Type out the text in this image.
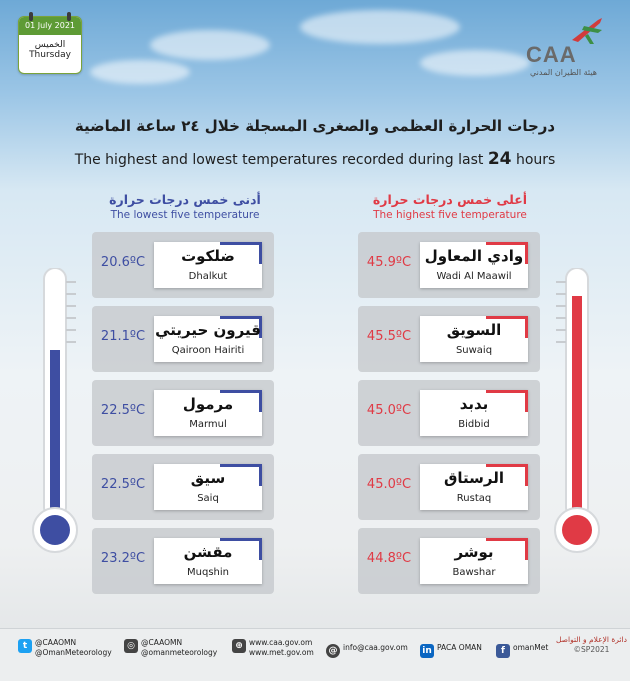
01 July 2021
الخميس
Thursday	CAA
هيئة الطيران المدني
درجات الحرارة العظمى والصغرى المسجلة خلال ٢٤ ساعة الماضية
The highest and lowest temperatures recorded during last 24 hours
أدنى خمس درجات حرارة
The lowest five temperature
أعلى خمس درجات حرارة
The highest five temperature
20.6ºC	ضلكوت
Dhalkut
21.1ºC قيرون حيريتي
Qairoon Hairiti
22.5ºC	مرمول
Marmul
22.5ºC	سيق
Saiq
23.2ºC	مقشن
Muqshin
45.9ºC وادي المعاول
Wadi Al Maawil
45.5ºC	السويق
Suwaiq
45.0ºC	بدبد
Bidbid
45.0ºC	الرستاق
Rustaq
44.8ºC	بوشر
Bawshar
t	@CAAOMN
@OmanMeteorology
◎ @CAAOMN
@omanmeteorology
⊕ www.caa.gov.om
www.met.gov.om @ info@caa.gov.om in PACA OMAN	f	omanMet
دائرة الإعلام و التواصل
©SP2021
